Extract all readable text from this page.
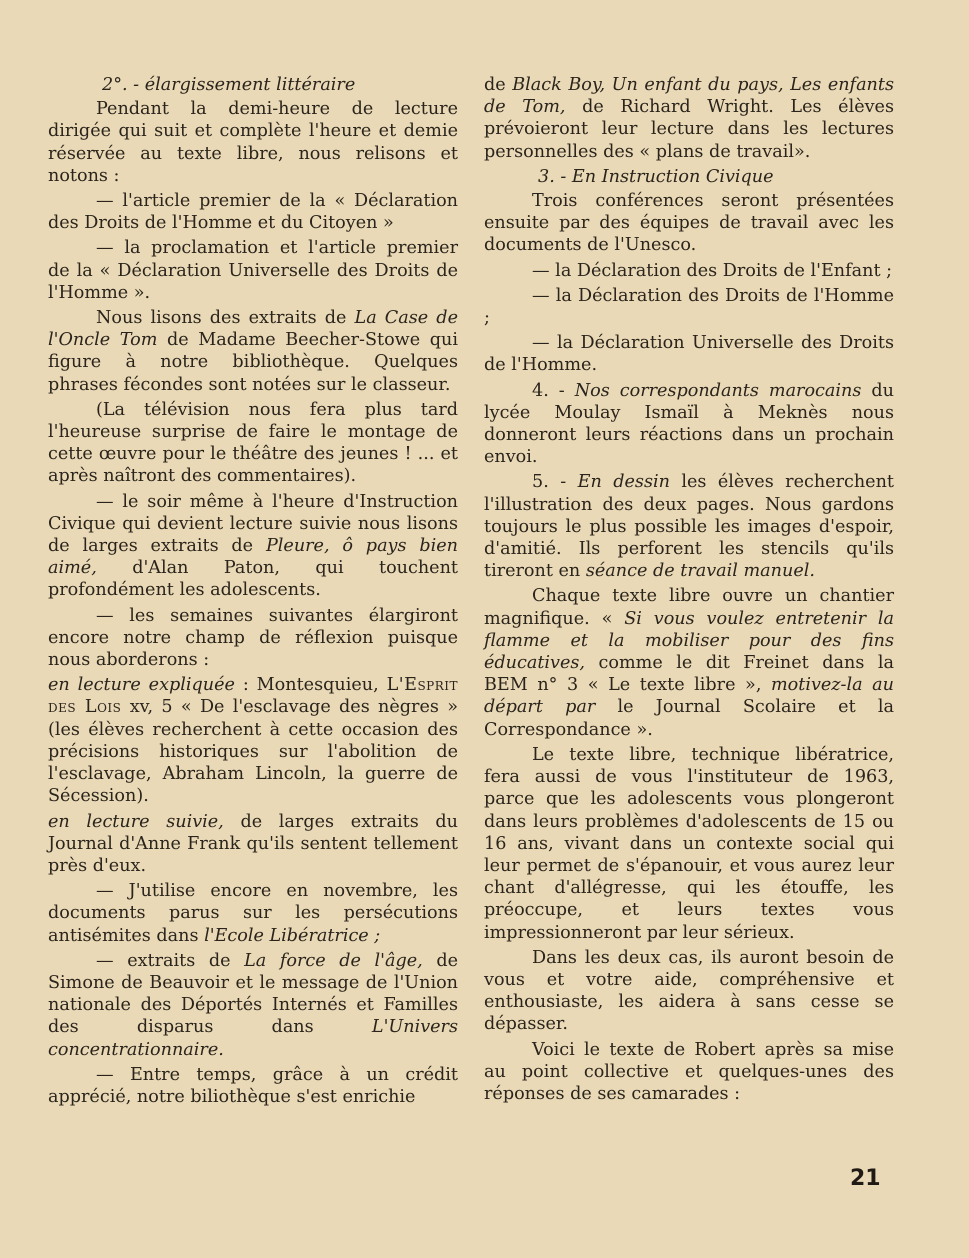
2°. - élargissement littéraire

Pendant la demi-heure de lecture dirigée qui suit et complète l'heure et demie réservée au texte libre, nous relisons et notons :

— l'article premier de la « Déclaration des Droits de l'Homme et du Citoyen »

— la proclamation et l'article premier de la « Déclaration Universelle des Droits de l'Homme ».

Nous lisons des extraits de La Case de l'Oncle Tom de Madame Beecher-Stowe qui figure à notre bibliothèque. Quelques phrases fécondes sont notées sur le classeur.

(La télévision nous fera plus tard l'heureuse surprise de faire le montage de cette œuvre pour le théâtre des jeunes ! ... et après naîtront des commentaires).

— le soir même à l'heure d'Instruction Civique qui devient lecture suivie nous lisons de larges extraits de Pleure, ô pays bien aimé, d'Alan Paton, qui touchent profondément les adolescents.

— les semaines suivantes élargiront encore notre champ de réflexion puisque nous aborderons :

en lecture expliquée : Montesquieu, L'Esprit des Lois xv, 5 « De l'esclavage des nègres » (les élèves recherchent à cette occasion des précisions historiques sur l'abolition de l'esclavage, Abraham Lincoln, la guerre de Sécession).

en lecture suivie, de larges extraits du Journal d'Anne Frank qu'ils sentent tellement près d'eux.

— J'utilise encore en novembre, les documents parus sur les persécutions antisémites dans l'Ecole Libératrice ;

— extraits de La force de l'âge, de Simone de Beauvoir et le message de l'Union nationale des Déportés Internés et Familles des disparus dans L'Univers concentrationnaire.

— Entre temps, grâce à un crédit apprécié, notre biliothèque s'est enrichie

de Black Boy, Un enfant du pays, Les enfants de Tom, de Richard Wright. Les élèves prévoieront leur lecture dans les lectures personnelles des « plans de travail».

3. - En Instruction Civique

Trois conférences seront présentées ensuite par des équipes de travail avec les documents de l'Unesco.

— la Déclaration des Droits de l'Enfant ;

— la Déclaration des Droits de l'Homme ;

— la Déclaration Universelle des Droits de l'Homme.

4. - Nos correspondants marocains du lycée Moulay Ismaïl à Meknès nous donneront leurs réactions dans un prochain envoi.

5. - En dessin les élèves recherchent l'illustration des deux pages. Nous gardons toujours le plus possible les images d'espoir, d'amitié. Ils perforent les stencils qu'ils tireront en séance de travail manuel.

Chaque texte libre ouvre un chantier magnifique. « Si vous voulez entretenir la flamme et la mobiliser pour des fins éducatives, comme le dit Freinet dans la BEM n° 3 « Le texte libre », motivez-la au départ par le Journal Scolaire et la Correspondance ».

Le texte libre, technique libératrice, fera aussi de vous l'instituteur de 1963, parce que les adolescents vous plongeront dans leurs problèmes d'adolescents de 15 ou 16 ans, vivant dans un contexte social qui leur permet de s'épanouir, et vous aurez leur chant d'allégresse, qui les étouffe, les préoccupe, et leurs textes vous impressionneront par leur sérieux.

Dans les deux cas, ils auront besoin de vous et votre aide, compréhensive et enthousiaste, les aidera à sans cesse se dépasser.

Voici le texte de Robert après sa mise au point collective et quelques-unes des réponses de ses camarades :

21
